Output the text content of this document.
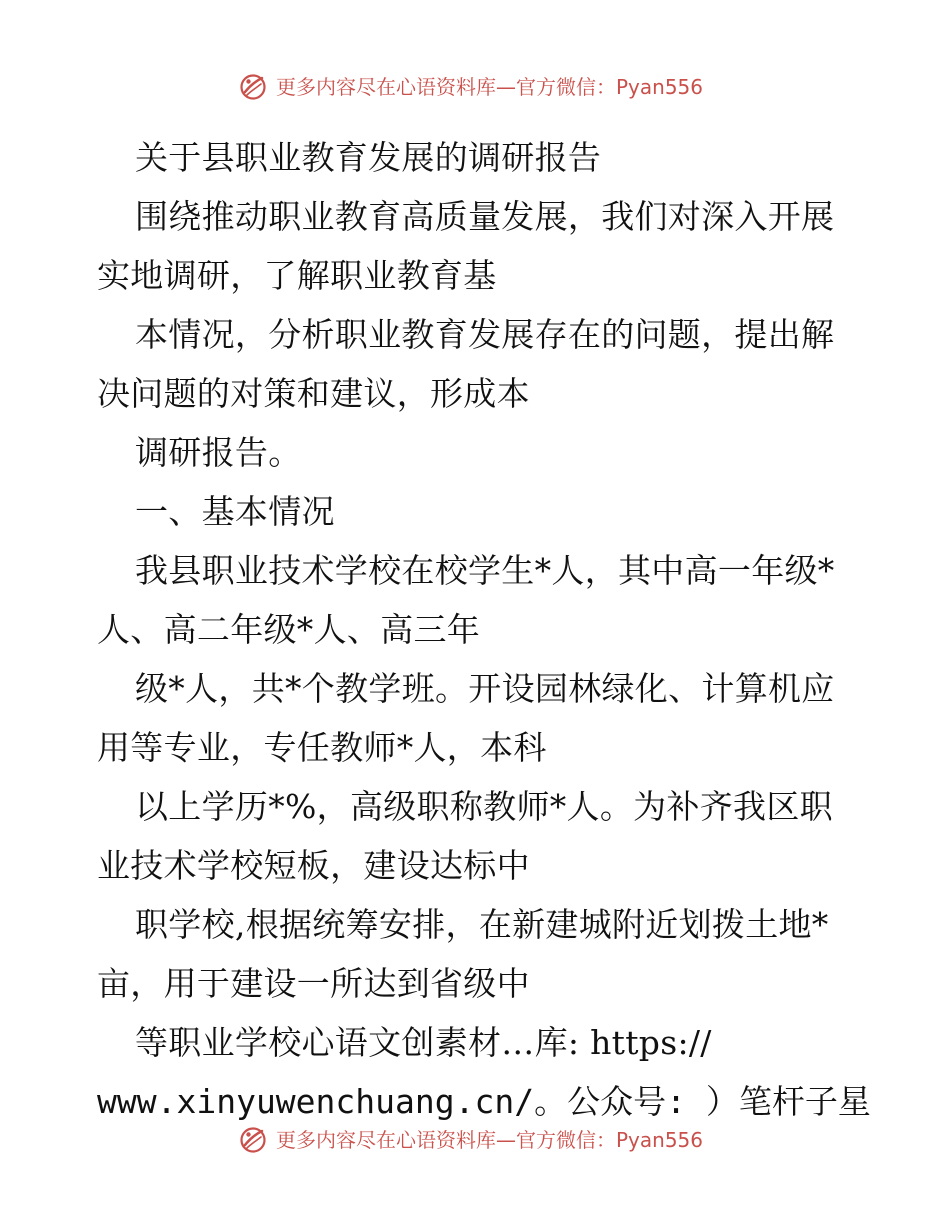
更多内容尽在心语资料库—官方微信：Pyan556
关于县职业教育发展的调研报告
围绕推动职业教育高质量发展，我们对深入开展
实地调研，了解职业教育基
本情况，分析职业教育发展存在的问题，提出解
决问题的对策和建议，形成本
调研报告。
一、基本情况
我县职业技术学校在校学生*人，其中高一年级*
人、高二年级*人、高三年
级*人，共*个教学班。开设园林绿化、计算机应
用等专业，专任教师*人，本科
以上学历*%，高级职称教师*人。为补齐我区职
业技术学校短板，建设达标中
职学校,根据统筹安排，在新建城附近划拨土地*
亩，用于建设一所达到省级中
等职业学校心语文创素材…库: https://
www.xinyuwenchuang.cn/。公众号: ）笔杆子星
更多内容尽在心语资料库—官方微信：Pyan556
